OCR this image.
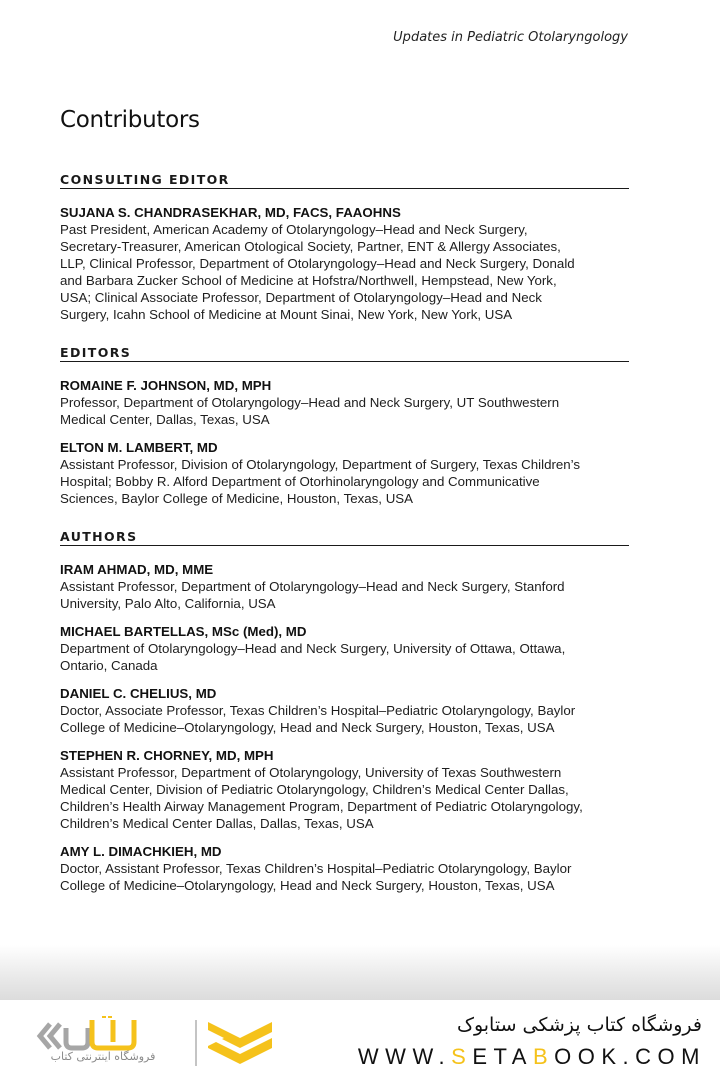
Updates in Pediatric Otolaryngology
Contributors
CONSULTING EDITOR
SUJANA S. CHANDRASEKHAR, MD, FACS, FAAOHNS
Past President, American Academy of Otolaryngology–Head and Neck Surgery,
Secretary-Treasurer, American Otological Society, Partner, ENT & Allergy Associates,
LLP, Clinical Professor, Department of Otolaryngology–Head and Neck Surgery, Donald
and Barbara Zucker School of Medicine at Hofstra/Northwell, Hempstead, New York,
USA; Clinical Associate Professor, Department of Otolaryngology–Head and Neck
Surgery, Icahn School of Medicine at Mount Sinai, New York, New York, USA
EDITORS
ROMAINE F. JOHNSON, MD, MPH
Professor, Department of Otolaryngology–Head and Neck Surgery, UT Southwestern
Medical Center, Dallas, Texas, USA
ELTON M. LAMBERT, MD
Assistant Professor, Division of Otolaryngology, Department of Surgery, Texas Children’s
Hospital; Bobby R. Alford Department of Otorhinolaryngology and Communicative
Sciences, Baylor College of Medicine, Houston, Texas, USA
AUTHORS
IRAM AHMAD, MD, MME
Assistant Professor, Department of Otolaryngology–Head and Neck Surgery, Stanford
University, Palo Alto, California, USA
MICHAEL BARTELLAS, MSc (Med), MD
Department of Otolaryngology–Head and Neck Surgery, University of Ottawa, Ottawa,
Ontario, Canada
DANIEL C. CHELIUS, MD
Doctor, Associate Professor, Texas Children’s Hospital–Pediatric Otolaryngology, Baylor
College of Medicine–Otolaryngology, Head and Neck Surgery, Houston, Texas, USA
STEPHEN R. CHORNEY, MD, MPH
Assistant Professor, Department of Otolaryngology, University of Texas Southwestern
Medical Center, Division of Pediatric Otolaryngology, Children’s Medical Center Dallas,
Children’s Health Airway Management Program, Department of Pediatric Otolaryngology,
Children’s Medical Center Dallas, Dallas, Texas, USA
AMY L. DIMACHKIEH, MD
Doctor, Assistant Professor, Texas Children’s Hospital–Pediatric Otolaryngology, Baylor
College of Medicine–Otolaryngology, Head and Neck Surgery, Houston, Texas, USA
فروشگاه اینترنتی کتاب
فروشگاه کتاب پزشکی ستابوک
WWW.SETABOOK.COM
